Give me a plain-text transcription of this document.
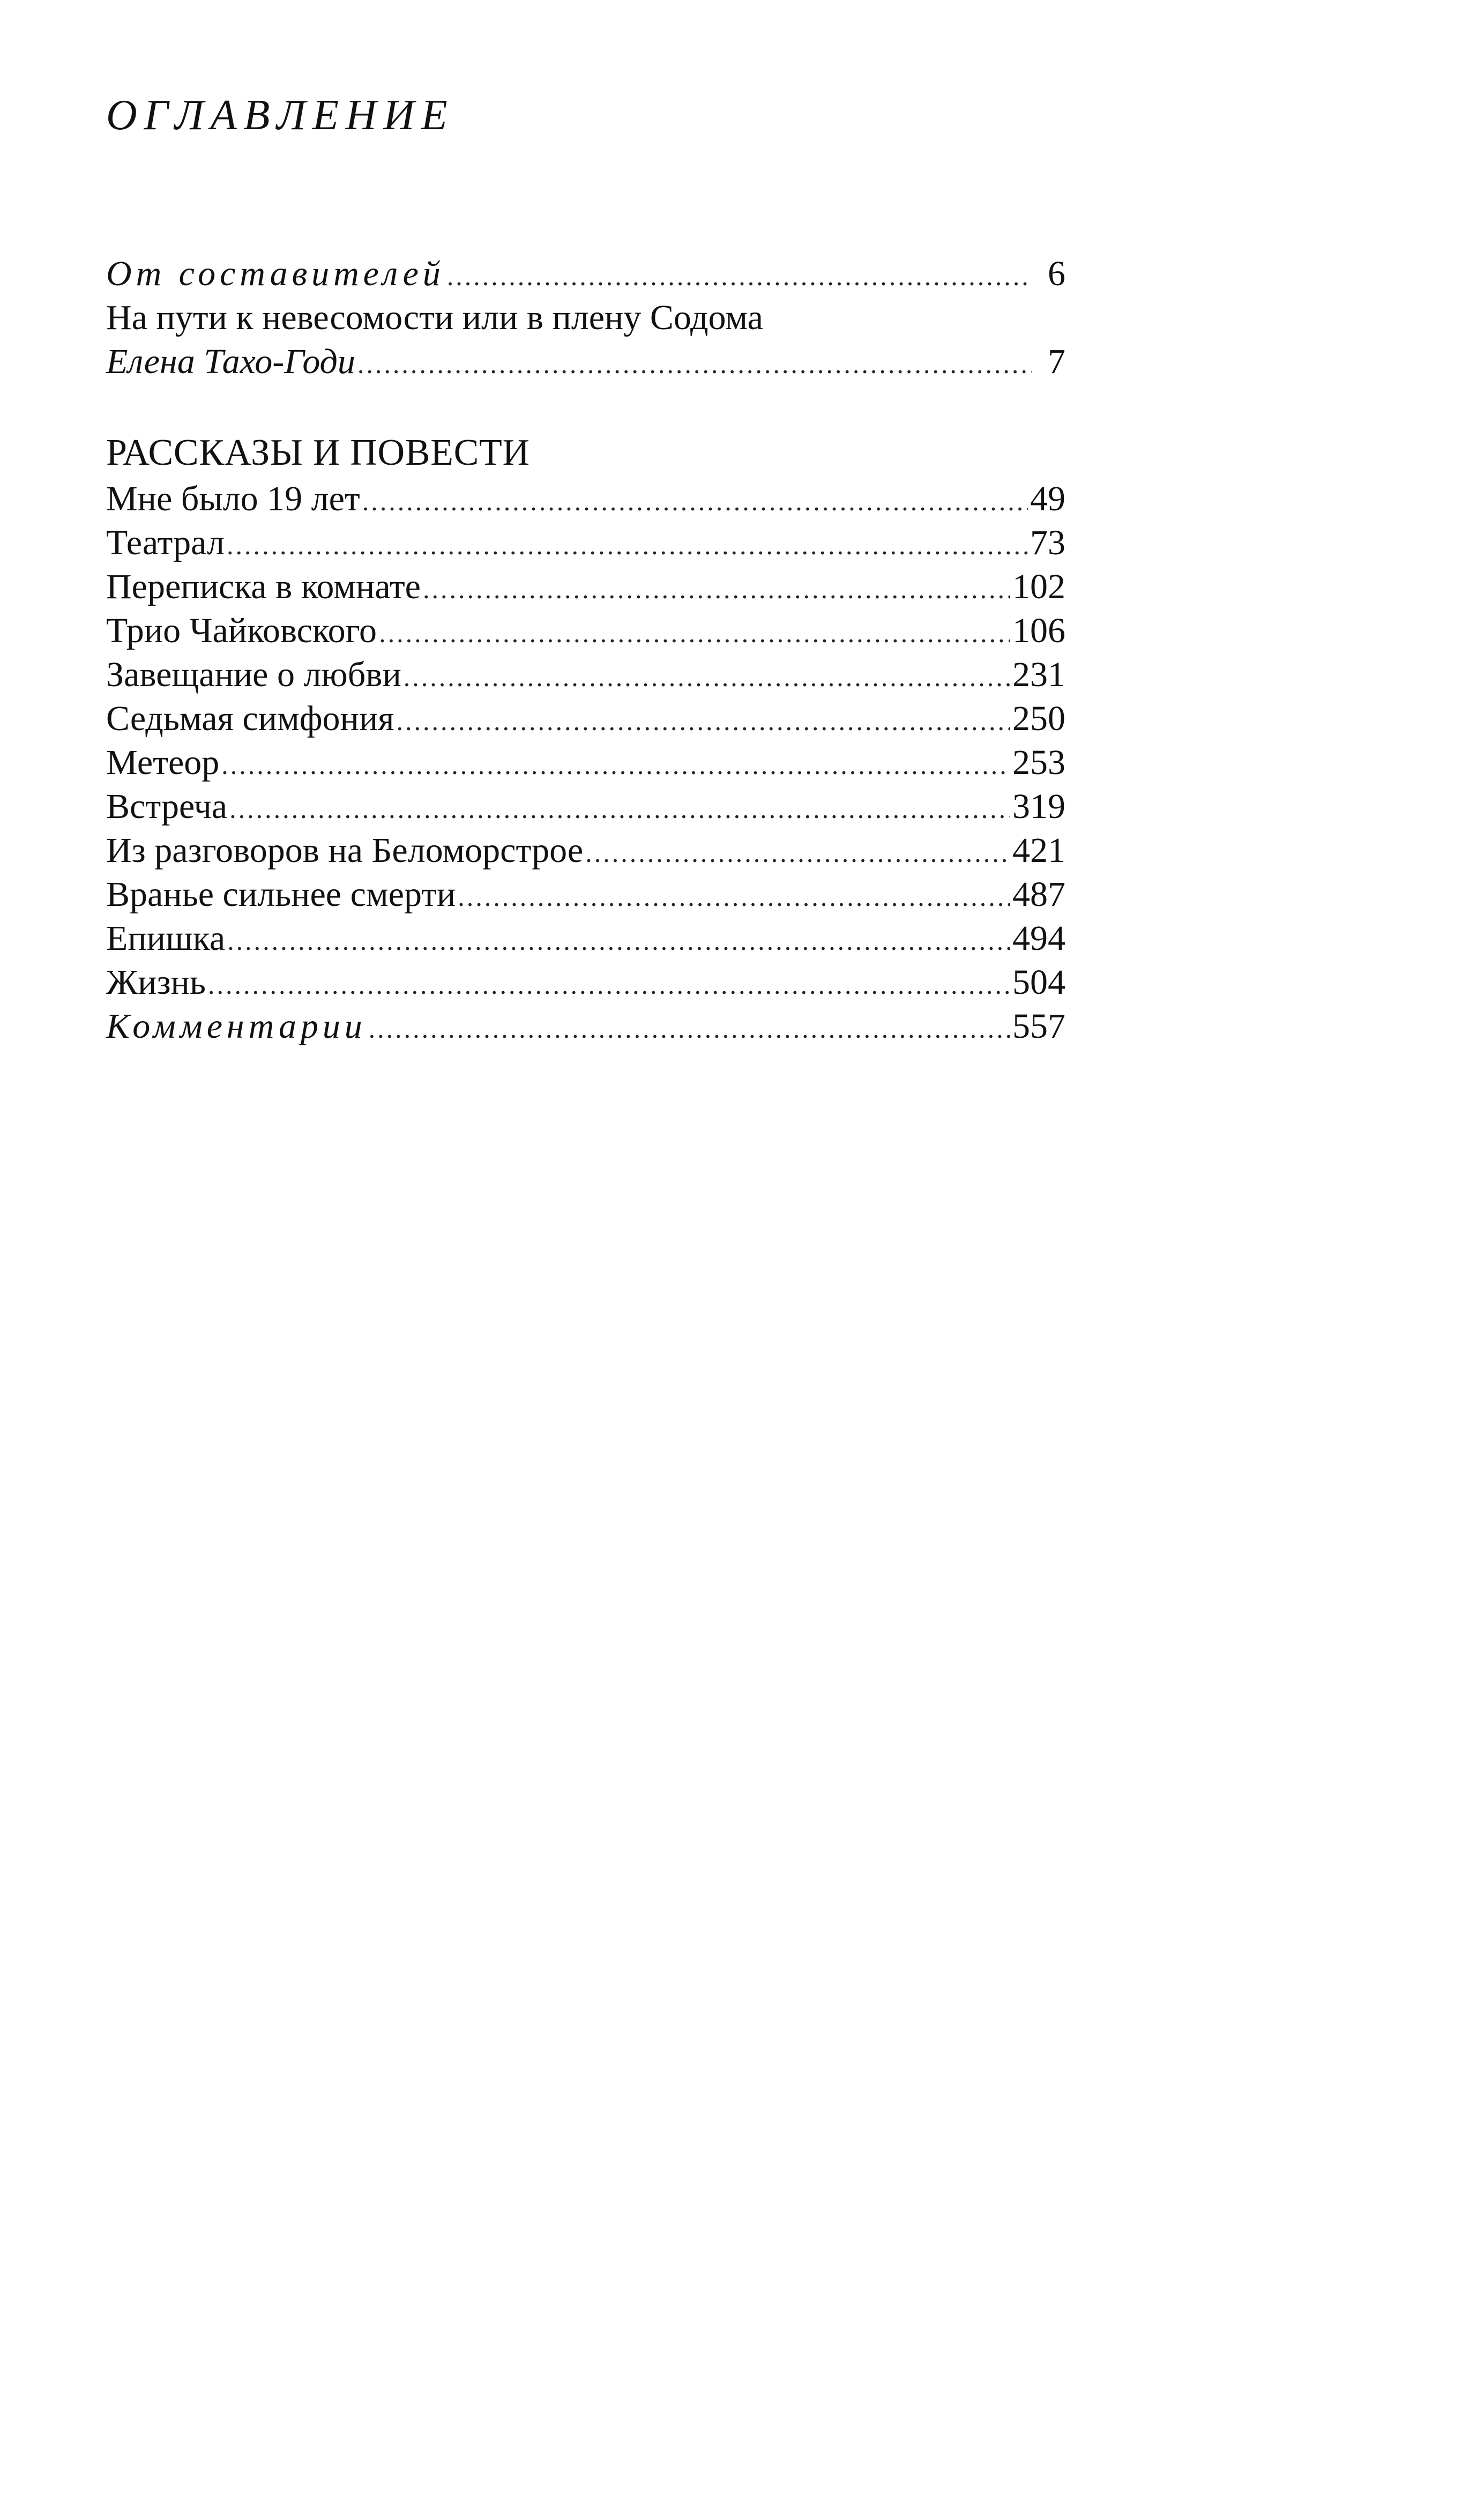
ОГЛАВЛЕНИЕ
От составителей .....	6
На пути к невесомости или в плену Содома
Елена Тахо-Годи .....	7
РАССКАЗЫ И ПОВЕСТИ
Мне было 19 лет .....	49
Театрал .....	73
Переписка в комнате .....	102
Трио Чайковского .....	106
Завещание о любви .....	231
Седьмая симфония .....	250
Метеор .....	253
Встреча .....	319
Из разговоров на Беломорстрое .....	421
Вранье сильнее смерти .....	487
Епишка .....	494
Жизнь .....	504
Комментарии .....	557
